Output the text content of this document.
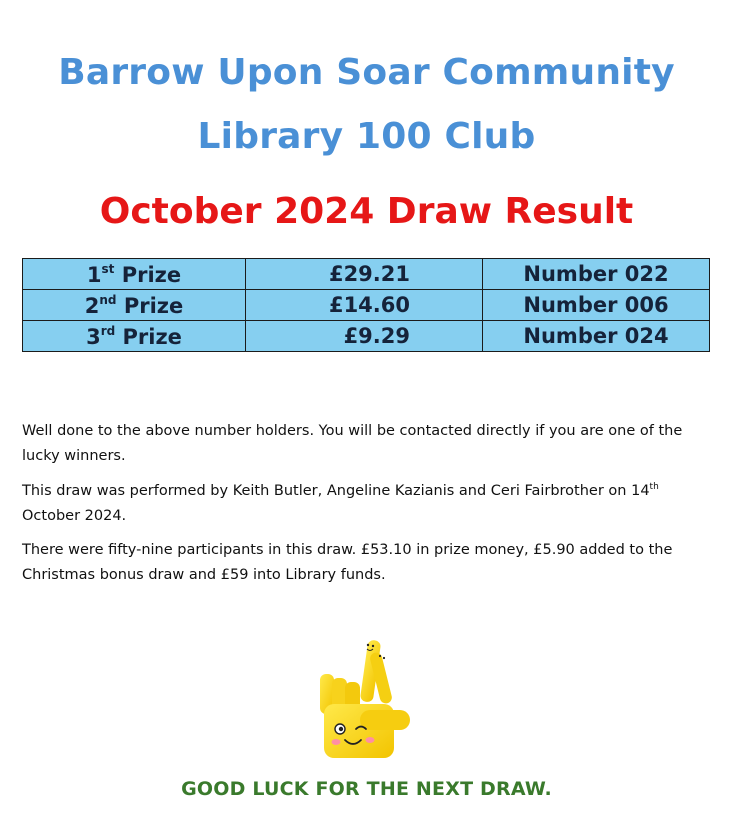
Barrow Upon Soar Community
Library 100 Club
October 2024 Draw Result
1st Prize	£29.21	Number 022
2nd Prize	£14.60	Number 006
3rd Prize	£9.29	Number 024
Well done to the above number holders. You will be contacted directly if you are one of the lucky winners.
This draw was performed by Keith Butler, Angeline Kazianis and Ceri Fairbrother on 14th October 2024.
There were fifty-nine participants in this draw. £53.10 in prize money, £5.90 added to the Christmas bonus draw and £59 into Library funds.
GOOD LUCK FOR THE NEXT DRAW.
